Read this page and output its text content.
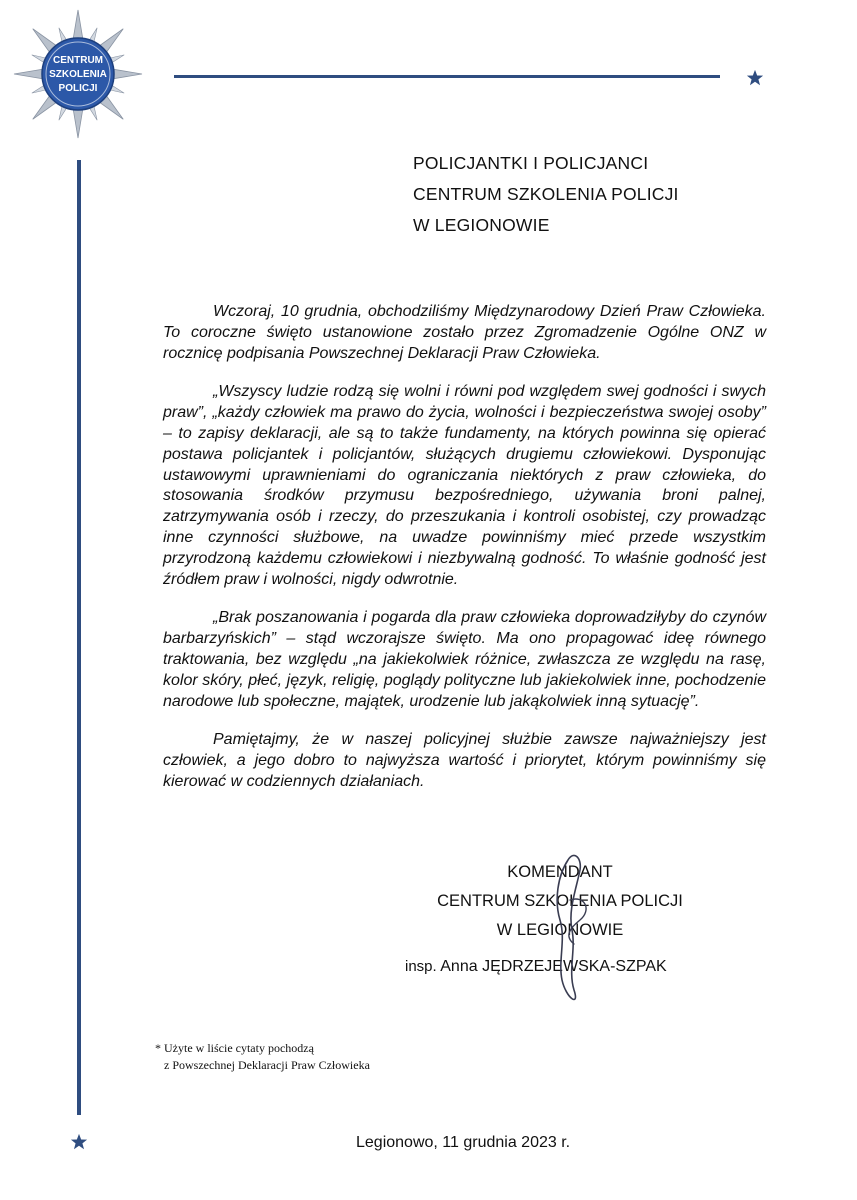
CENTRUM
SZKOLENIA
POLICJI
POLICJANTKI I POLICJANCI
CENTRUM SZKOLENIA POLICJI
W LEGIONOWIE

Wczoraj, 10 grudnia, obchodziliśmy Międzynarodowy Dzień Praw Człowieka. To coroczne święto ustanowione zostało przez Zgromadzenie Ogólne ONZ w rocznicę podpisania Powszechnej Deklaracji Praw Człowieka.

„Wszyscy ludzie rodzą się wolni i równi pod względem swej godności i swych praw”, „każdy człowiek ma prawo do życia, wolności i bezpieczeństwa swojej osoby” – to zapisy deklaracji, ale są to także fundamenty, na których powinna się opierać postawa policjantek i policjantów, służących drugiemu człowiekowi. Dysponując ustawowymi uprawnieniami do ograniczania niektórych z praw człowieka, do stosowania środków przymusu bezpośredniego, używania broni palnej, zatrzymywania osób i rzeczy, do przeszukania i kontroli osobistej, czy prowadząc inne czynności służbowe, na uwadze powinniśmy mieć przede wszystkim przyrodzoną każdemu człowiekowi i niezbywalną godność. To właśnie godność jest źródłem praw i wolności, nigdy odwrotnie.

„Brak poszanowania i pogarda dla praw człowieka doprowadziłyby do czynów barbarzyńskich” – stąd wczorajsze święto. Ma ono propagować ideę równego traktowania, bez względu „na jakiekolwiek różnice, zwłaszcza ze względu na rasę, kolor skóry, płeć, język, religię, poglądy polityczne lub jakiekolwiek inne, pochodzenie narodowe lub społeczne, majątek, urodzenie lub jakąkolwiek inną sytuację”.

Pamiętajmy, że w naszej policyjnej służbie zawsze najważniejszy jest człowiek, a jego dobro to najwyższa wartość i priorytet, którym powinniśmy się kierować w codziennych działaniach.

KOMENDANT
CENTRUM SZKOLENIA POLICJI
W LEGIONOWIE
insp. Anna JĘDRZEJEWSKA-SZPAK
* Użyte w liście cytaty pochodzą
z Powszechnej Deklaracji Praw Człowieka
Legionowo, 11 grudnia 2023 r.
